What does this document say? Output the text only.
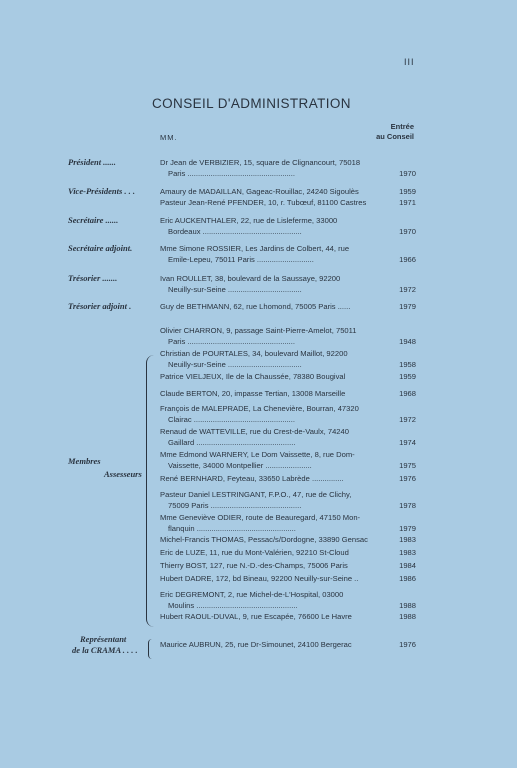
III
CONSEIL D'ADMINISTRATION
MM.
Entrée
au Conseil
Président ......	Dr Jean de VERBIZIER, 15, square de Clignancourt, 75018
Paris ...................................................	1970
Vice-Présidents . . .	Amaury de MADAILLAN, Gageac-Rouillac, 24240 Sigoulès	1959
Pasteur Jean-René PFENDER, 10, r. Tubœuf, 81100 Castres	1971
Secrétaire ......	Eric AUCKENTHALER, 22, rue de Lisleferme, 33000
Bordeaux ...............................................	1970
Secrétaire adjoint.	Mme Simone ROSSIER, Les Jardins de Colbert, 44, rue
Emile-Lepeu, 75011 Paris ...........................	1966
Trésorier .......	Ivan ROULLET, 38, boulevard de la Saussaye, 92200
Neuilly-sur-Seine ...................................	1972
Trésorier adjoint .	Guy de BETHMANN, 62, rue Lhomond, 75005 Paris ......	1979
Membres
Assesseurs
Olivier CHARRON, 9, passage Saint-Pierre-Amelot, 75011
Paris ...................................................	1948
Christian de POURTALES, 34, boulevard Maillot, 92200
Neuilly-sur-Seine ...................................	1958
Patrice VIELJEUX, Ile de la Chaussée, 78380 Bougival	1959
Claude BERTON, 20, impasse Tertian, 13008 Marseille	1968
François de MALEPRADE, La Chenevière, Bourran, 47320
Clairac ................................................	1972
Renaud de WATTEVILLE, rue du Crest-de-Vaulx, 74240
Gaillard ...............................................	1974
Mme Edmond WARNERY, Le Dom Vaissette, 8, rue Dom-
Vaissette, 34000 Montpellier ......................	1975
René BERNHARD, Feyteau, 33650 Labrède ...............	1976
Pasteur Daniel LESTRINGANT, F.P.O., 47, rue de Clichy,
75009 Paris ...........................................	1978
Mme Geneviève ODIER, route de Beauregard, 47150 Mon-
flanquin ...............................................	1979
Michel-Francis THOMAS, Pessac/s/Dordogne, 33890 Gensac	1983
Eric de LUZE, 11, rue du Mont-Valérien, 92210 St-Cloud	1983
Thierry BOST, 127, rue N.-D.-des-Champs, 75006 Paris	1984
Hubert DADRE, 172, bd Bineau, 92200 Neuilly-sur-Seine ..	1986
Eric DEGREMONT, 2, rue Michel-de-L'Hospital, 03000
Moulins ................................................	1988
Hubert RAOUL-DUVAL, 9, rue Escapée, 76600 Le Havre	1988
Représentant
de la CRAMA . . . .
Maurice AUBRUN, 25, rue Dr-Simounet, 24100 Bergerac	1976
